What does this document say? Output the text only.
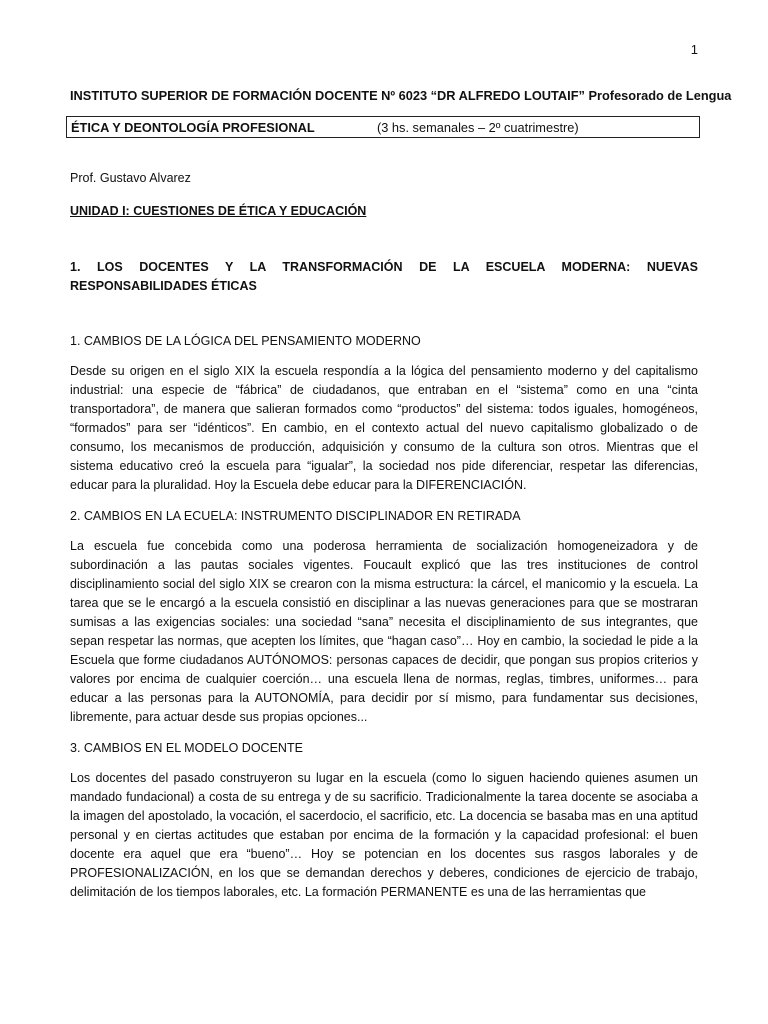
1

INSTITUTO SUPERIOR DE FORMACIÓN DOCENTE Nº 6023 “DR ALFREDO LOUTAIF” Profesorado de Lengua

ÉTICA Y DEONTOLOGÍA PROFESIONAL	(3 hs. semanales – 2º cuatrimestre)
Prof. Gustavo Alvarez
UNIDAD I: CUESTIONES DE ÉTICA Y EDUCACIÓN
1. LOS DOCENTES Y LA TRANSFORMACIÓN DE LA ESCUELA MODERNA: NUEVAS RESPONSABILIDADES ÉTICAS
1. CAMBIOS DE LA LÓGICA DEL PENSAMIENTO MODERNO

Desde su origen en el siglo XIX la escuela respondía a la lógica del pensamiento moderno y del capitalismo industrial: una especie de “fábrica” de ciudadanos, que entraban en el “sistema” como en una “cinta transportadora”, de manera que salieran formados como “productos” del sistema: todos iguales, homogéneos, “formados” para ser “idénticos”. En cambio, en el contexto actual del nuevo capitalismo globalizado o de consumo, los mecanismos de producción, adquisición y consumo de la cultura son otros. Mientras que el sistema educativo creó la escuela para “igualar”, la sociedad nos pide diferenciar, respetar las diferencias, educar para la pluralidad. Hoy la Escuela debe educar para la DIFERENCIACIÓN.

2. CAMBIOS EN LA ECUELA: INSTRUMENTO DISCIPLINADOR EN RETIRADA

La escuela fue concebida como una poderosa herramienta de socialización homogeneizadora y de subordinación a las pautas sociales vigentes. Foucault explicó que las tres instituciones de control disciplinamiento social del siglo XIX se crearon con la misma estructura: la cárcel, el manicomio y la escuela. La tarea que se le encargó a la escuela consistió en disciplinar a las nuevas generaciones para que se mostraran sumisas a las exigencias sociales: una sociedad “sana” necesita el disciplinamiento de sus integrantes, que sepan respetar las normas, que acepten los límites, que “hagan caso”… Hoy en cambio, la sociedad le pide a la Escuela que forme ciudadanos AUTÓNOMOS: personas capaces de decidir, que pongan sus propios criterios y valores por encima de cualquier coerción… una escuela llena de normas, reglas, timbres, uniformes… para educar a las personas para la AUTONOMÍA, para decidir por sí mismo, para fundamentar sus decisiones, libremente, para actuar desde sus propias opciones...

3. CAMBIOS EN EL MODELO DOCENTE

Los docentes del pasado construyeron su lugar en la escuela (como lo siguen haciendo quienes asumen un mandado fundacional) a costa de su entrega y de su sacrificio. Tradicionalmente la tarea docente se asociaba a la imagen del apostolado, la vocación, el sacerdocio, el sacrificio, etc. La docencia se basaba mas en una aptitud personal y en ciertas actitudes que estaban por encima de la formación y la capacidad profesional: el buen docente era aquel que era “bueno”… Hoy se potencian en los docentes sus rasgos laborales y de PROFESIONALIZACIÓN, en los que se demandan derechos y deberes, condiciones de ejercicio de trabajo, delimitación de los tiempos laborales, etc. La formación PERMANENTE es una de las herramientas que
